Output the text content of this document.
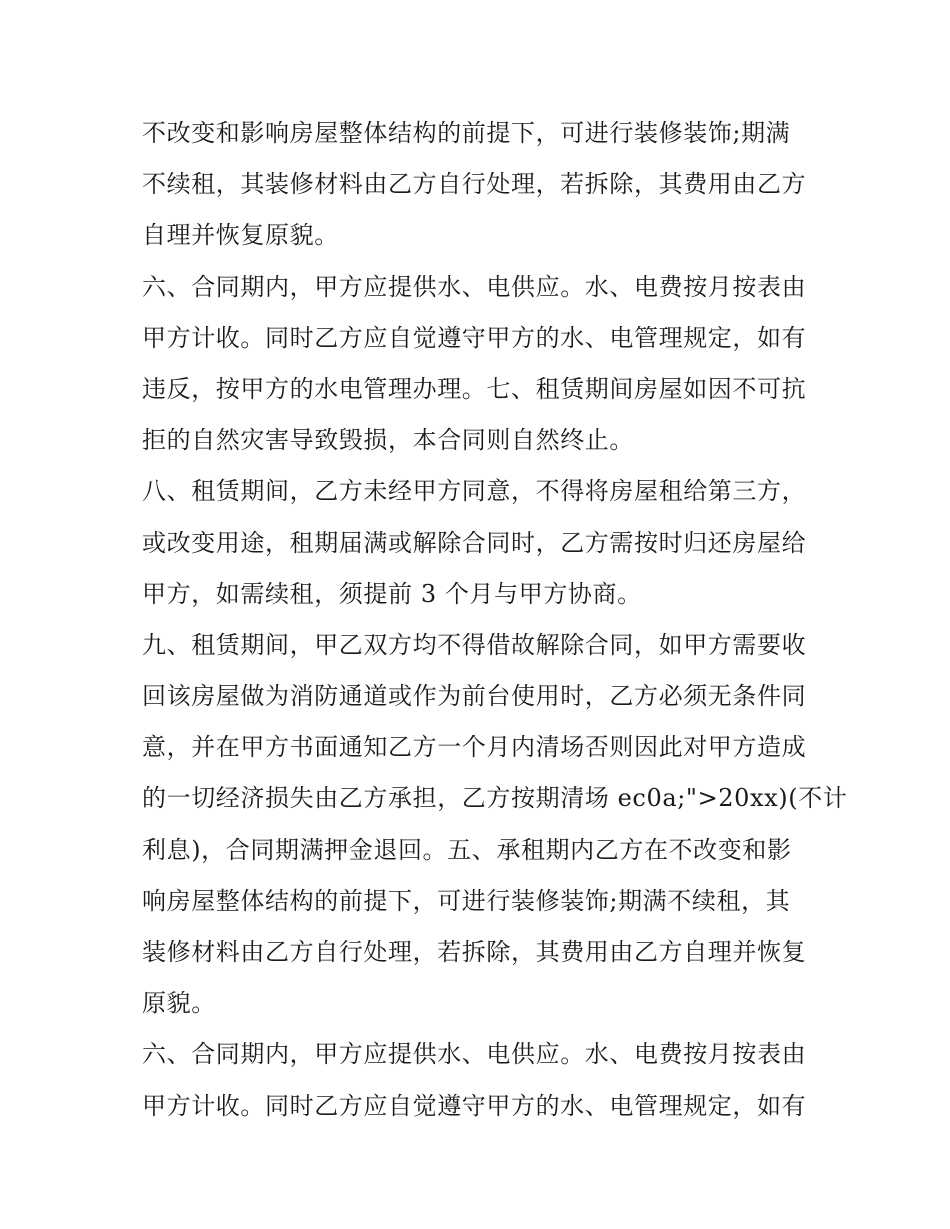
不改变和影响房屋整体结构的前提下，可进行装修装饰;期满
不续租，其装修材料由乙方自行处理，若拆除，其费用由乙方
自理并恢复原貌。
六、合同期内，甲方应提供水、电供应。水、电费按月按表由
甲方计收。同时乙方应自觉遵守甲方的水、电管理规定，如有
违反，按甲方的水电管理办理。七、租赁期间房屋如因不可抗
拒的自然灾害导致毁损，本合同则自然终止。
八、租赁期间，乙方未经甲方同意，不得将房屋租给第三方，
或改变用途，租期届满或解除合同时，乙方需按时归还房屋给
甲方，如需续租，须提前 3 个月与甲方协商。
九、租赁期间，甲乙双方均不得借故解除合同，如甲方需要收
回该房屋做为消防通道或作为前台使用时，乙方必须无条件同
意，并在甲方书面通知乙方一个月内清场否则因此对甲方造成
的一切经济损失由乙方承担，乙方按期清场 ec0a;">20xx)(不计
利息)，合同期满押金退回。五、承租期内乙方在不改变和影
响房屋整体结构的前提下，可进行装修装饰;期满不续租，其
装修材料由乙方自行处理，若拆除，其费用由乙方自理并恢复
原貌。
六、合同期内，甲方应提供水、电供应。水、电费按月按表由
甲方计收。同时乙方应自觉遵守甲方的水、电管理规定，如有
